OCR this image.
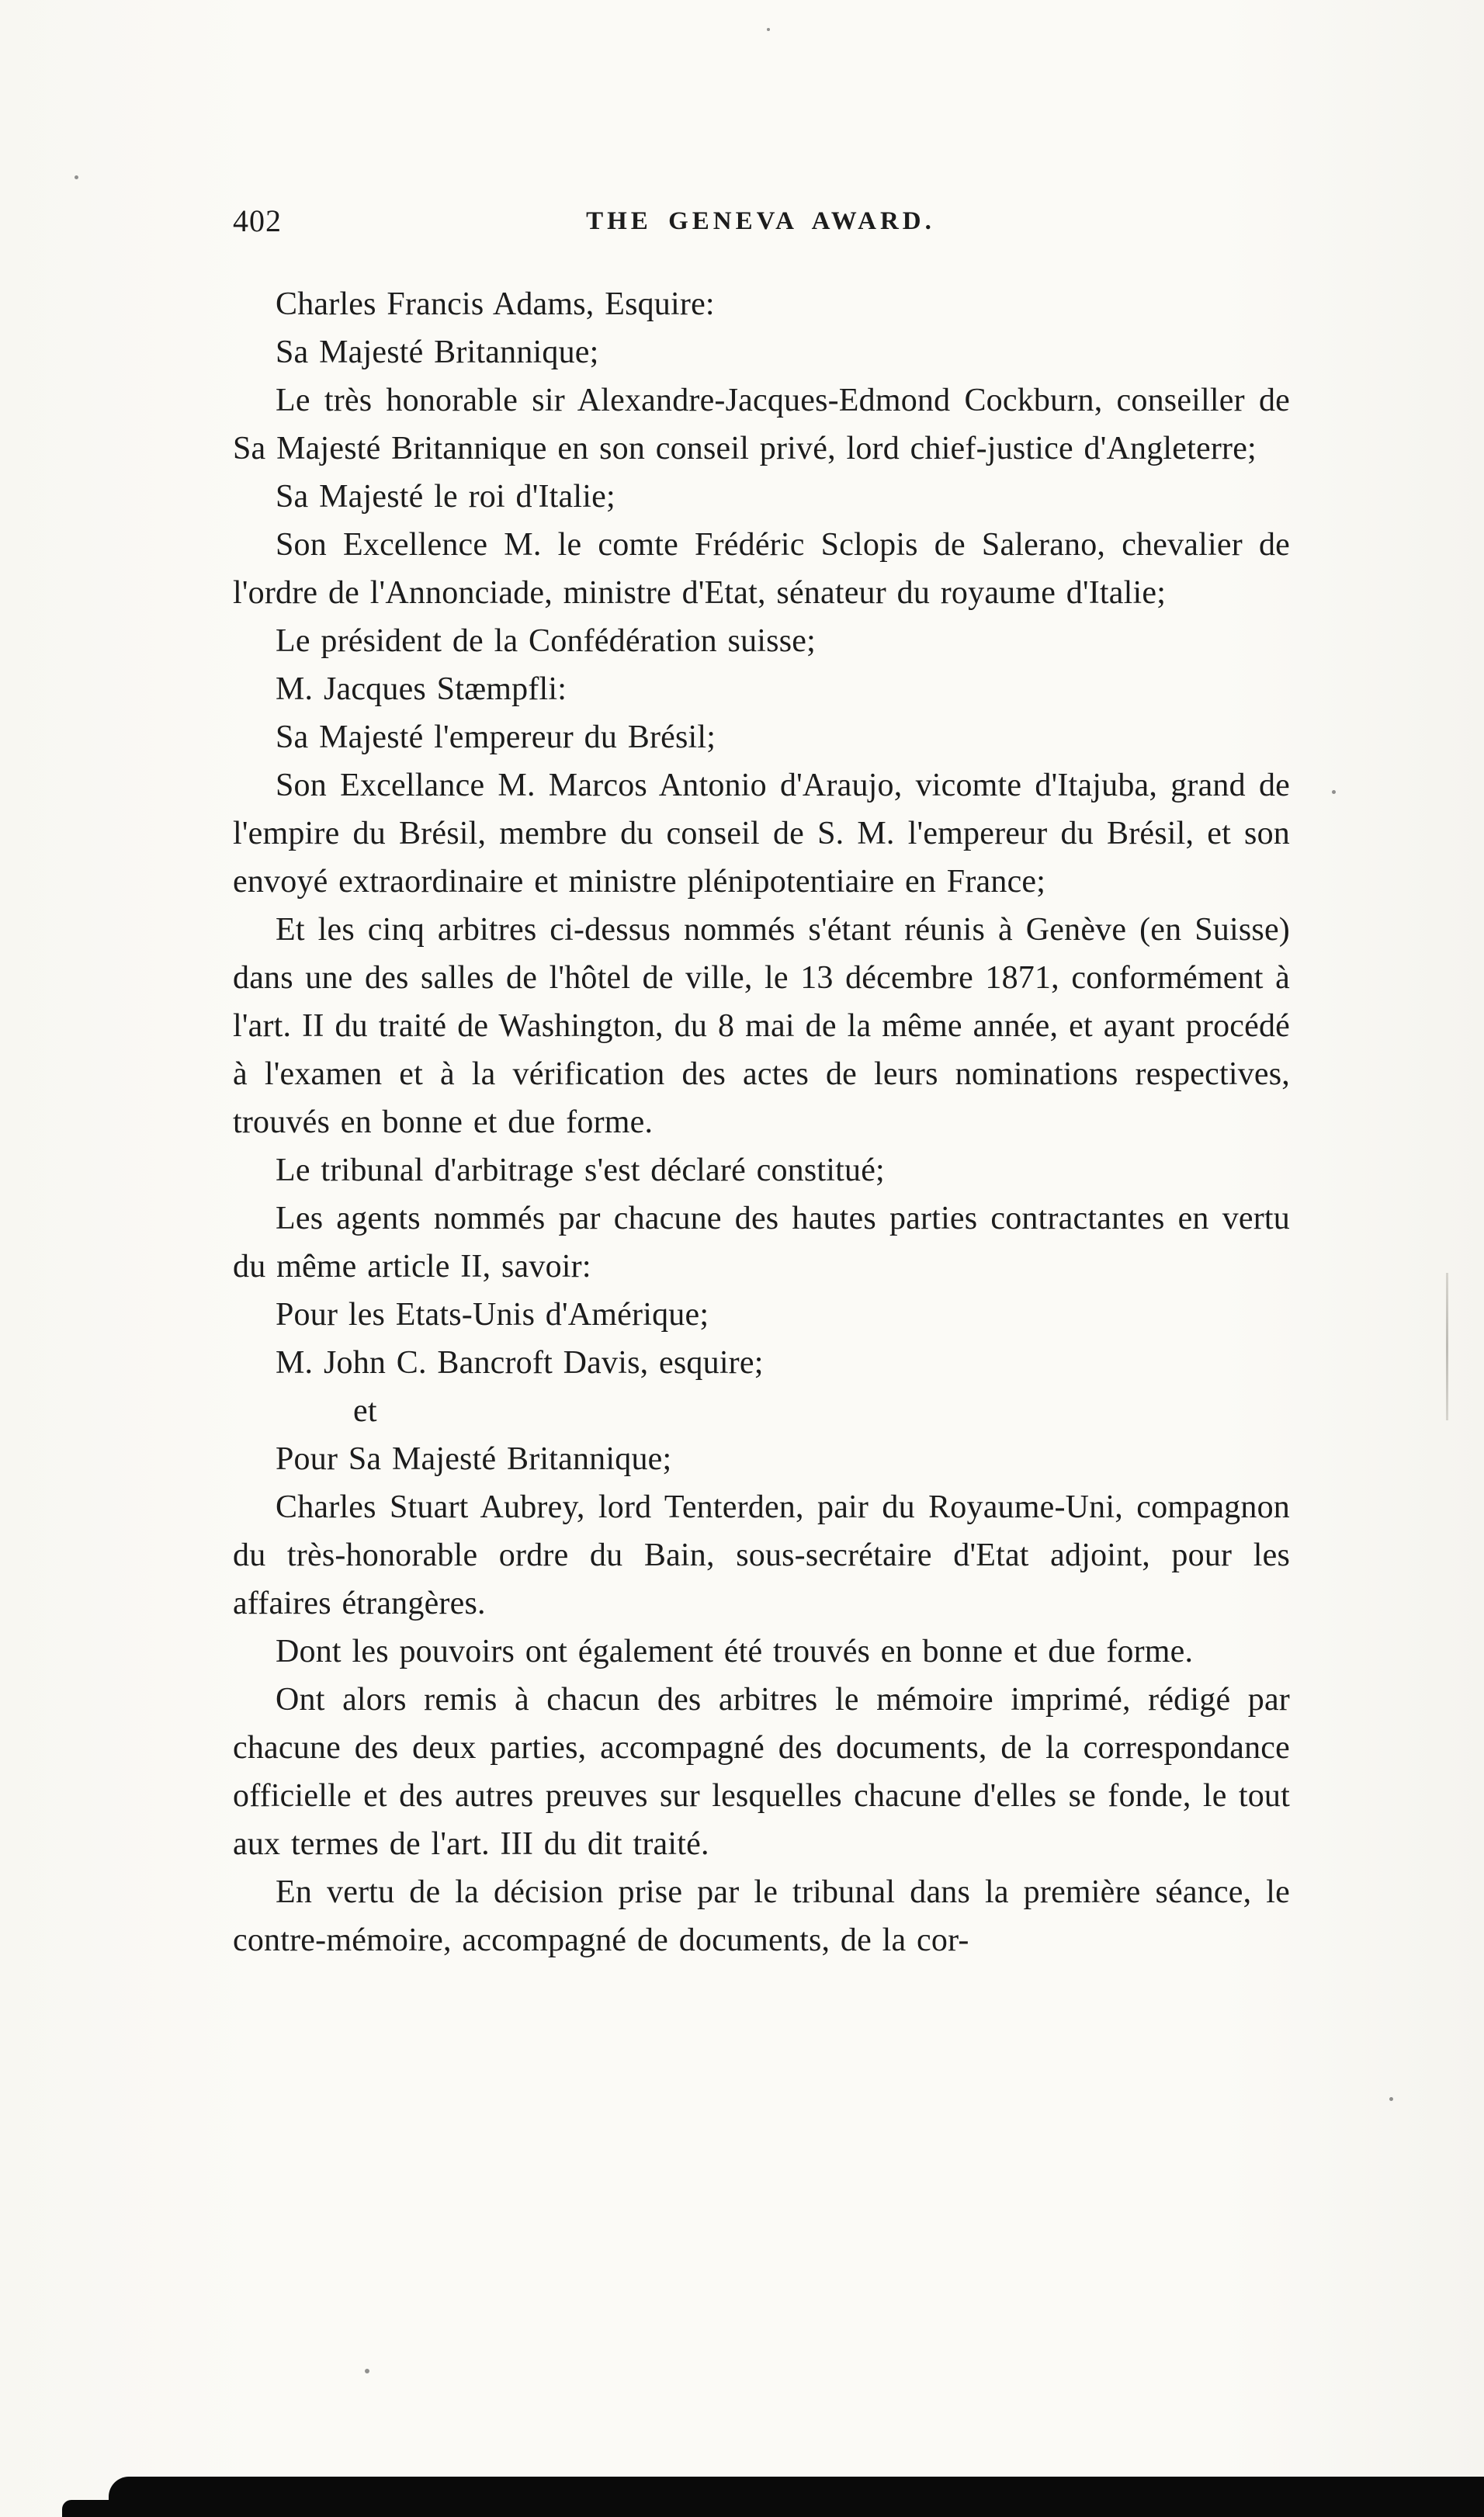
402	THE GENEVA AWARD.

Charles Francis Adams, Esquire:

Sa Majesté Britannique;

Le très honorable sir Alexandre-Jacques-Edmond Cockburn, conseiller de Sa Majesté Britannique en son conseil privé, lord chief-justice d'Angleterre;

Sa Majesté le roi d'Italie;

Son Excellence M. le comte Frédéric Sclopis de Salerano, chevalier de l'ordre de l'Annonciade, ministre d'Etat, sénateur du royaume d'Italie;

Le président de la Confédération suisse;

M. Jacques Stæmpfli:

Sa Majesté l'empereur du Brésil;

Son Excellance M. Marcos Antonio d'Araujo, vicomte d'Itajuba, grand de l'empire du Brésil, membre du conseil de S. M. l'empereur du Brésil, et son envoyé extraordinaire et ministre plénipotentiaire en France;

Et les cinq arbitres ci-dessus nommés s'étant réunis à Genève (en Suisse) dans une des salles de l'hôtel de ville, le 13 décembre 1871, conformément à l'art. II du traité de Washington, du 8 mai de la même année, et ayant procédé à l'examen et à la vérification des actes de leurs nominations respectives, trouvés en bonne et due forme.

Le tribunal d'arbitrage s'est déclaré constitué;

Les agents nommés par chacune des hautes parties contractantes en vertu du même article II, savoir:

Pour les Etats-Unis d'Amérique;

M. John C. Bancroft Davis, esquire;

et

Pour Sa Majesté Britannique;

Charles Stuart Aubrey, lord Tenterden, pair du Royaume-Uni, compagnon du très-honorable ordre du Bain, sous-secrétaire d'Etat adjoint, pour les affaires étrangères.

Dont les pouvoirs ont également été trouvés en bonne et due forme.

Ont alors remis à chacun des arbitres le mémoire imprimé, rédigé par chacune des deux parties, accompagné des documents, de la correspondance officielle et des autres preuves sur lesquelles chacune d'elles se fonde, le tout aux termes de l'art. III du dit traité.

En vertu de la décision prise par le tribunal dans la première séance, le contre-mémoire, accompagné de documents, de la cor-
